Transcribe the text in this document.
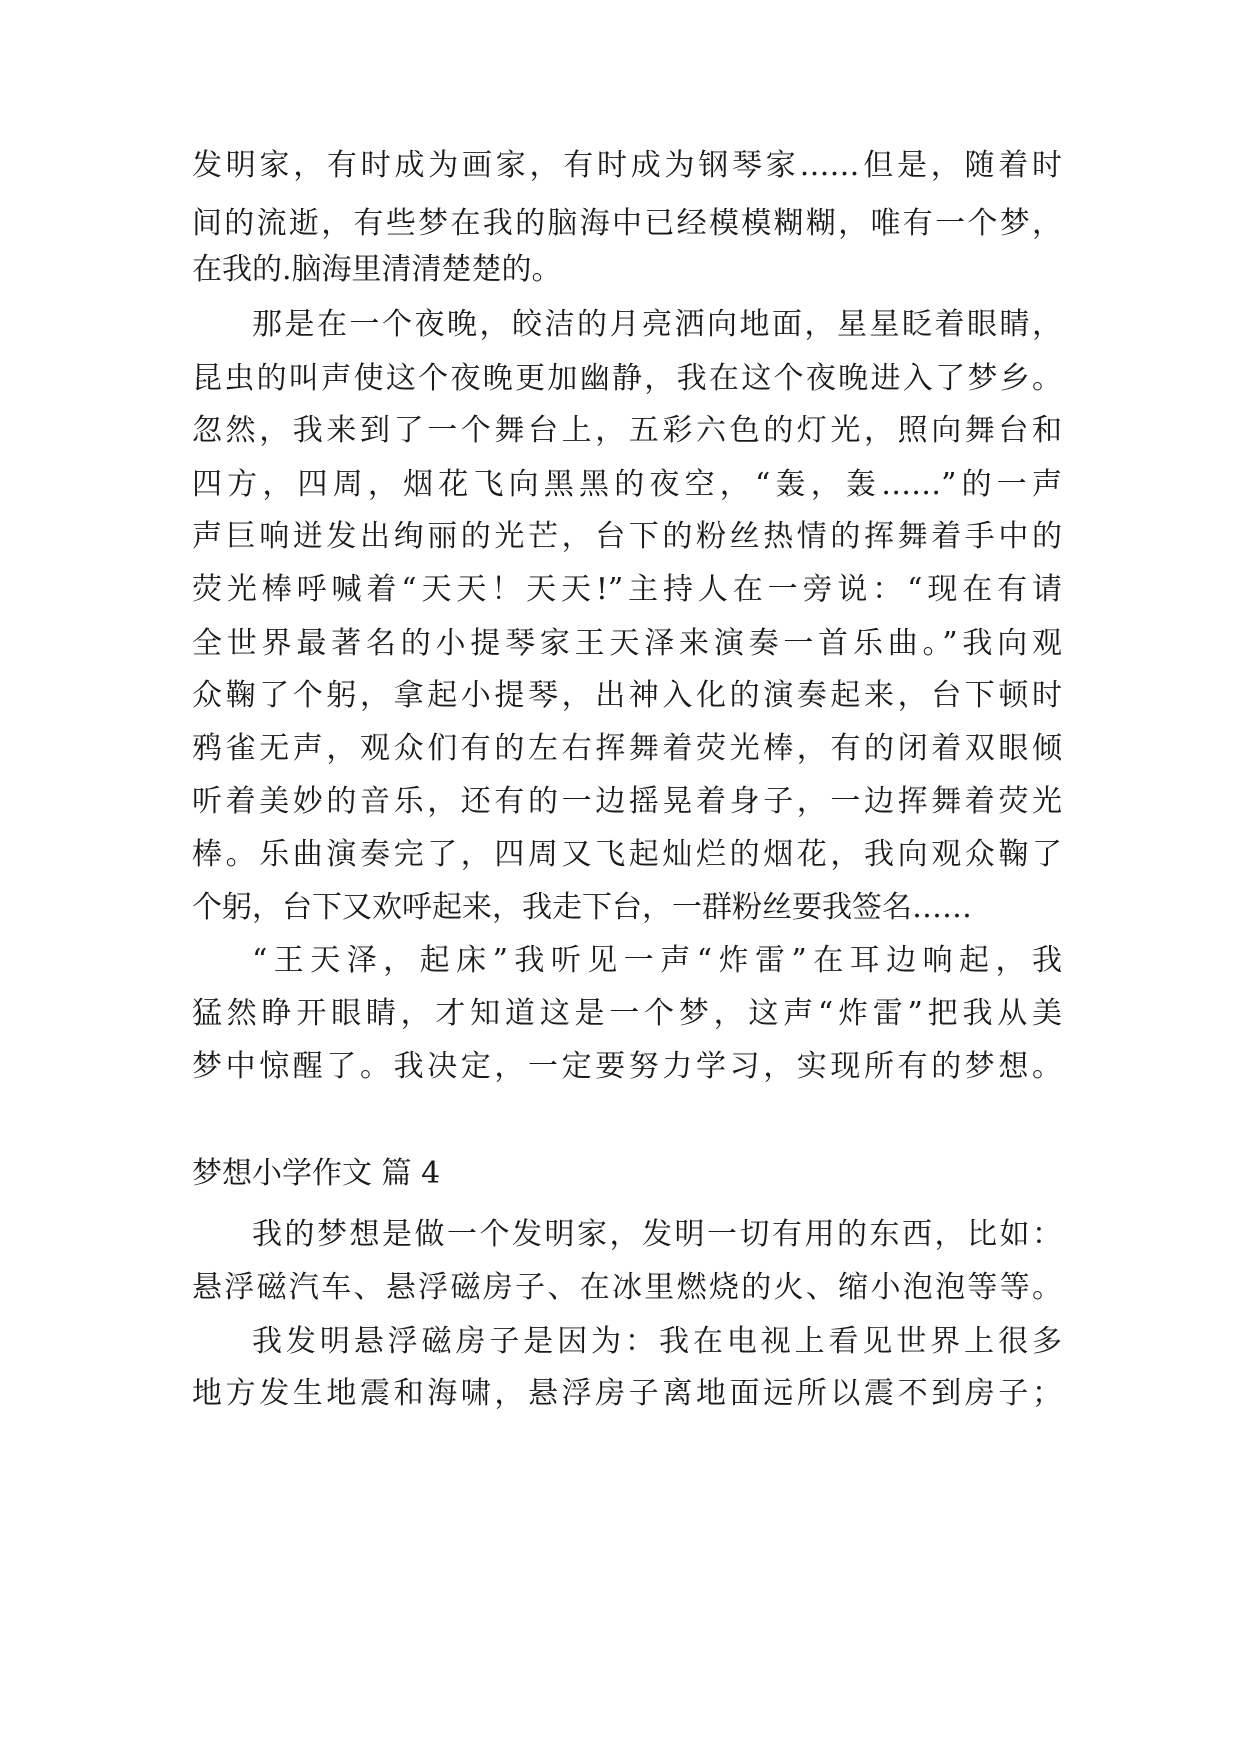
发明家，有时成为画家，有时成为钢琴家……但是，随着时
间的流逝，有些梦在我的脑海中已经模模糊糊，唯有一个梦，
在我的.脑海里清清楚楚的。
那是在一个夜晚，皎洁的月亮洒向地面，星星眨着眼睛，
昆虫的叫声使这个夜晚更加幽静，我在这个夜晚进入了梦乡。
忽然，我来到了一个舞台上，五彩六色的灯光，照向舞台和
四方，四周，烟花飞向黑黑的夜空，“轰，轰……”的一声
声巨响迸发出绚丽的光芒，台下的粉丝热情的挥舞着手中的
荧光棒呼喊着“天天！天天!”主持人在一旁说：“现在有请
全世界最著名的小提琴家王天泽来演奏一首乐曲。”我向观
众鞠了个躬，拿起小提琴，出神入化的演奏起来，台下顿时
鸦雀无声，观众们有的左右挥舞着荧光棒，有的闭着双眼倾
听着美妙的音乐，还有的一边摇晃着身子，一边挥舞着荧光
棒。乐曲演奏完了，四周又飞起灿烂的烟花，我向观众鞠了
个躬，台下又欢呼起来，我走下台，一群粉丝要我签名……
“王天泽，起床”我听见一声“炸雷”在耳边响起，我
猛然睁开眼睛，才知道这是一个梦，这声“炸雷”把我从美
梦中惊醒了。我决定，一定要努力学习，实现所有的梦想。
梦想小学作文 篇 4
我的梦想是做一个发明家，发明一切有用的东西，比如：
悬浮磁汽车、悬浮磁房子、在冰里燃烧的火、缩小泡泡等等。
我发明悬浮磁房子是因为：我在电视上看见世界上很多
地方发生地震和海啸，悬浮房子离地面远所以震不到房子；
